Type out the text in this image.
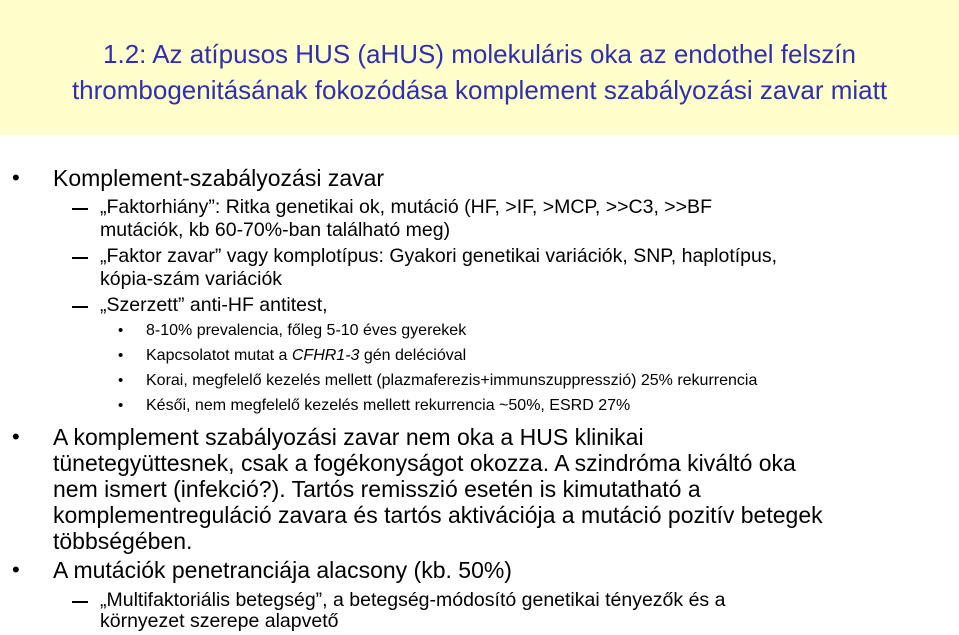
1.2: Az atípusos HUS (aHUS) molekuláris oka az endothel felszín
thrombogenitásának fokozódása komplement szabályozási zavar miatt
• Komplement-szabályozási zavar
„Faktorhiány”: Ritka genetikai ok, mutáció (HF, >IF, >MCP, >>C3, >>BF
mutációk, kb 60-70%-ban található meg)
„Faktor zavar” vagy komplotípus: Gyakori genetikai variációk, SNP, haplotípus,
kópia-szám variációk
„Szerzett” anti-HF antitest,
• 8-10% prevalencia, főleg 5-10 éves gyerekek
• Kapcsolatot mutat a CFHR1-3 gén delécióval
• Korai, megfelelő kezelés mellett (plazmaferezis+immunszuppresszió) 25% rekurrencia
• Késői, nem megfelelő kezelés mellett rekurrencia ~50%, ESRD 27%
• A komplement szabályozási zavar nem oka a HUS klinikai
tünetegyüttesnek, csak a fogékonyságot okozza. A szindróma kiváltó oka
nem ismert (infekció?). Tartós remisszió esetén is kimutatható a
komplementreguláció zavara és tartós aktivációja a mutáció pozitív betegek
többségében.
• A mutációk penetranciája alacsony (kb. 50%)
„Multifaktoriális betegség”, a betegség-módosító genetikai tényezők és a
környezet szerepe alapvető
